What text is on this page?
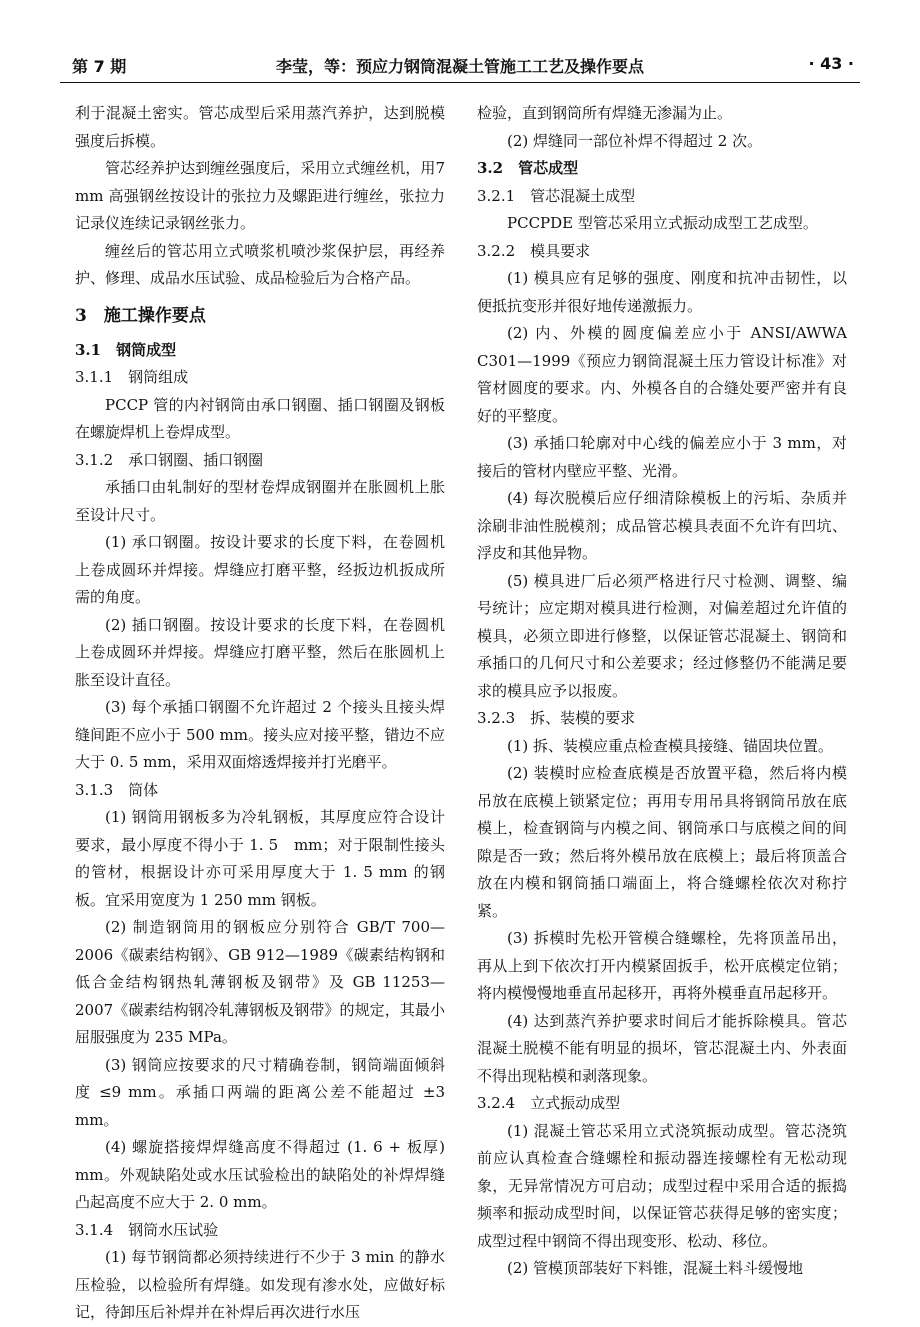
第 7 期	李莹，等：预应力钢筒混凝土管施工工艺及操作要点	· 43 ·

利于混凝土密实。管芯成型后采用蒸汽养护，达到脱模强度后拆模。

管芯经养护达到缠丝强度后，采用立式缠丝机，用7 mm 高强钢丝按设计的张拉力及螺距进行缠丝，张拉力记录仪连续记录钢丝张力。

缠丝后的管芯用立式喷浆机喷沙浆保护层，再经养护、修理、成品水压试验、成品检验后为合格产品。

3　施工操作要点
3.1　钢筒成型
3.1.1　钢筒组成

PCCP 管的内衬钢筒由承口钢圈、插口钢圈及钢板在螺旋焊机上卷焊成型。

3.1.2　承口钢圈、插口钢圈

承插口由轧制好的型材卷焊成钢圈并在胀圆机上胀至设计尺寸。

(1) 承口钢圈。按设计要求的长度下料，在卷圆机上卷成圆环并焊接。焊缝应打磨平整，经扳边机扳成所需的角度。

(2) 插口钢圈。按设计要求的长度下料，在卷圆机上卷成圆环并焊接。焊缝应打磨平整，然后在胀圆机上胀至设计直径。

(3) 每个承插口钢圈不允许超过 2 个接头且接头焊缝间距不应小于 500 mm。接头应对接平整，错边不应大于 0. 5 mm，采用双面熔透焊接并打光磨平。

3.1.3　筒体

(1) 钢筒用钢板多为冷轧钢板，其厚度应符合设计要求，最小厚度不得小于 1. 5　mm；对于限制性接头的管材，根据设计亦可采用厚度大于 1. 5 mm 的钢板。宜采用宽度为 1 250 mm 钢板。

(2) 制造钢筒用的钢板应分别符合 GB/T 700—2006《碳素结构钢》、GB 912—1989《碳素结构钢和低合金结构钢热轧薄钢板及钢带》及 GB 11253—2007《碳素结构钢冷轧薄钢板及钢带》的规定，其最小屈服强度为 235 MPa。

(3) 钢筒应按要求的尺寸精确卷制，钢筒端面倾斜度 ≤9 mm。承插口两端的距离公差不能超过 ±3 mm。

(4) 螺旋搭接焊焊缝高度不得超过 (1. 6 + 板厚) mm。外观缺陷处或水压试验检出的缺陷处的补焊焊缝凸起高度不应大于 2. 0 mm。

3.1.4　钢筒水压试验

(1) 每节钢筒都必须持续进行不少于 3 min 的静水压检验，以检验所有焊缝。如发现有渗水处，应做好标记，待卸压后补焊并在补焊后再次进行水压

检验，直到钢筒所有焊缝无渗漏为止。

(2) 焊缝同一部位补焊不得超过 2 次。

3.2　管芯成型
3.2.1　管芯混凝土成型

PCCPDE 型管芯采用立式振动成型工艺成型。

3.2.2　模具要求

(1) 模具应有足够的强度、刚度和抗冲击韧性，以便抵抗变形并很好地传递激振力。

(2) 内、外模的圆度偏差应小于 ANSI/AWWA C301—1999《预应力钢筒混凝土压力管设计标准》对管材圆度的要求。内、外模各自的合缝处要严密并有良好的平整度。

(3) 承插口轮廓对中心线的偏差应小于 3 mm，对接后的管材内壁应平整、光滑。

(4) 每次脱模后应仔细清除模板上的污垢、杂质并涂刷非油性脱模剂；成品管芯模具表面不允许有凹坑、浮皮和其他异物。

(5) 模具进厂后必须严格进行尺寸检测、调整、编号统计；应定期对模具进行检测，对偏差超过允许值的模具，必须立即进行修整，以保证管芯混凝土、钢筒和承插口的几何尺寸和公差要求；经过修整仍不能满足要求的模具应予以报废。

3.2.3　拆、装模的要求

(1) 拆、装模应重点检查模具接缝、锚固块位置。

(2) 装模时应检查底模是否放置平稳，然后将内模吊放在底模上锁紧定位；再用专用吊具将钢筒吊放在底模上，检查钢筒与内模之间、钢筒承口与底模之间的间隙是否一致；然后将外模吊放在底模上；最后将顶盖合放在内模和钢筒插口端面上，将合缝螺栓依次对称拧紧。

(3) 拆模时先松开管模合缝螺栓，先将顶盖吊出，再从上到下依次打开内模紧固扳手，松开底模定位销；将内模慢慢地垂直吊起移开，再将外模垂直吊起移开。

(4) 达到蒸汽养护要求时间后才能拆除模具。管芯混凝土脱模不能有明显的损坏，管芯混凝土内、外表面不得出现粘模和剥落现象。

3.2.4　立式振动成型

(1) 混凝土管芯采用立式浇筑振动成型。管芯浇筑前应认真检查合缝螺栓和振动器连接螺栓有无松动现象，无异常情况方可启动；成型过程中采用合适的振捣频率和振动成型时间，以保证管芯获得足够的密实度；成型过程中钢筒不得出现变形、松动、移位。

(2) 管模顶部装好下料锥，混凝土料斗缓慢地
